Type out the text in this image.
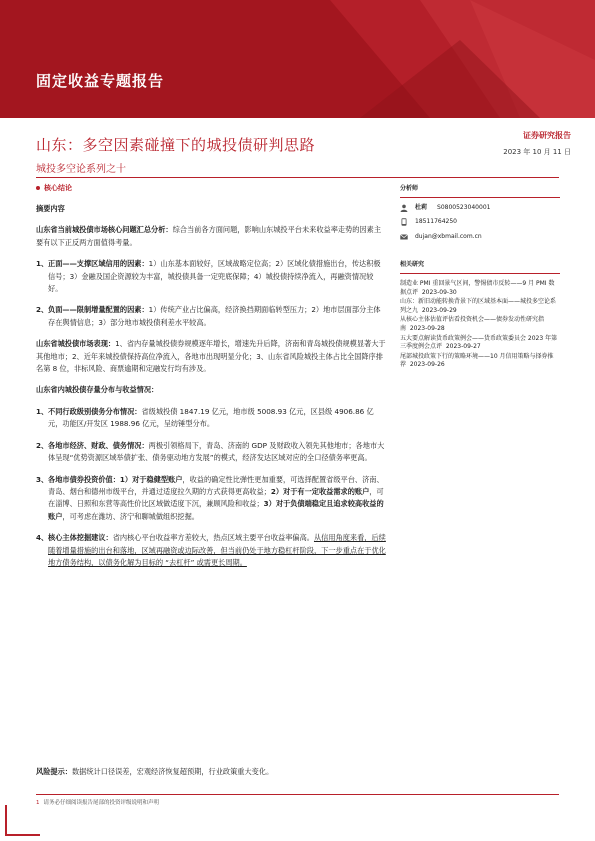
固定收益专题报告
山东：多空因素碰撞下的城投债研判思路
城投多空论系列之十
证券研究报告
2023 年 10 月 11 日
核心结论

摘要内容

山东省当前城投债市场核心问题汇总分析：综合当前各方面问题，影响山东城投平台未来收益率走势的因素主要有以下正反两方面值得考量。

1、 正面——支撑区域信用的因素：1）山东基本面较好，区域战略定位高；2）区域化债措施出台，传达积极信号；3）金融及国企资源较为丰富，城投债具备一定兜底保障；4）城投债持续净流入，再融资情况较好。
2、 负面——限制增量配置的因素：1）传统产业占比偏高，经济换挡期面临转型压力；2）地市层面部分主体存在舆情信息；3）部分地市城投债利差水平较高。

山东省城投债市场表现：1、省内存量城投债券规模逐年增长，增速先升后降，济南和青岛城投债规模显著大于其他地市；2、近年来城投债保持高位净流入，各地市出现明显分化；3、山东省风险城投主体占比全国降序排名第 8 位，非标风险、商票逾期和定融发行均有涉及。

山东省内城投债存量分布与收益情况：

1、 不同行政级别债务分布情况：省级城投债 1847.19 亿元，地市级 5008.93 亿元，区县级 4906.86 亿元，功能区/开发区 1988.96 亿元，呈纺锤型分布。
2、 各地市经济、财政、债务情况：两极引领格局下，青岛、济南的 GDP 及财政收入领先其他地市；各地市大体呈现“优势资源区域举债扩张、债务驱动地方发展”的模式，经济发达区域对应的全口径债务率更高。
3、 各地市债券投资价值：1）对于稳健型账户，收益的确定性比弹性更加重要，可选择配置省级平台、济南、青岛、烟台和德州市级平台，并通过适度拉久期的方式获得更高收益；2）对于有一定收益需求的账户，可在淄博、日照和东营等高性价比区域做适度下沉，兼顾风险和收益；3）对于负债端稳定且追求较高收益的账户，可考虑在潍坊、济宁和聊城做组织挖掘。
4、 核心主体挖掘建议：省内核心平台收益率方差较大，热点区域主要平台收益率偏高。从信用角度来看，后续随着增量措施的出台和落地，区域再融资或边际改善，但当前仍处于地方稳杠杆阶段，下一步重点在于优化地方债务结构，以债务化解为目标的 “去杠杆” 或需更长周期。
风险提示：数据统计口径误差，宏观经济恢复超预期，行业政策重大变化。
分析师
杜莉 S0800523040001
18511764250
dujan@xbmail.com.cn
相关研究

制造业 PMI 重回景气区间，警惕债市反转——9 月 PMI 数据点评 2023-09-30

山东：新旧动能转换背景下的区域基本面——城投多空论系列之九 2023-09-29

从核心主体估值评估看投资机会——债券发动性研究指南 2023-09-28

五大要点解读货币政策例会——货币政策委员会 2023 年第三季度例会点评 2023-09-27

尾部城投政策下行的策略环境——10 月信用策略与择券推荐 2023-09-26

1 请务必仔细阅读报告尾部的投资评级说明和声明
